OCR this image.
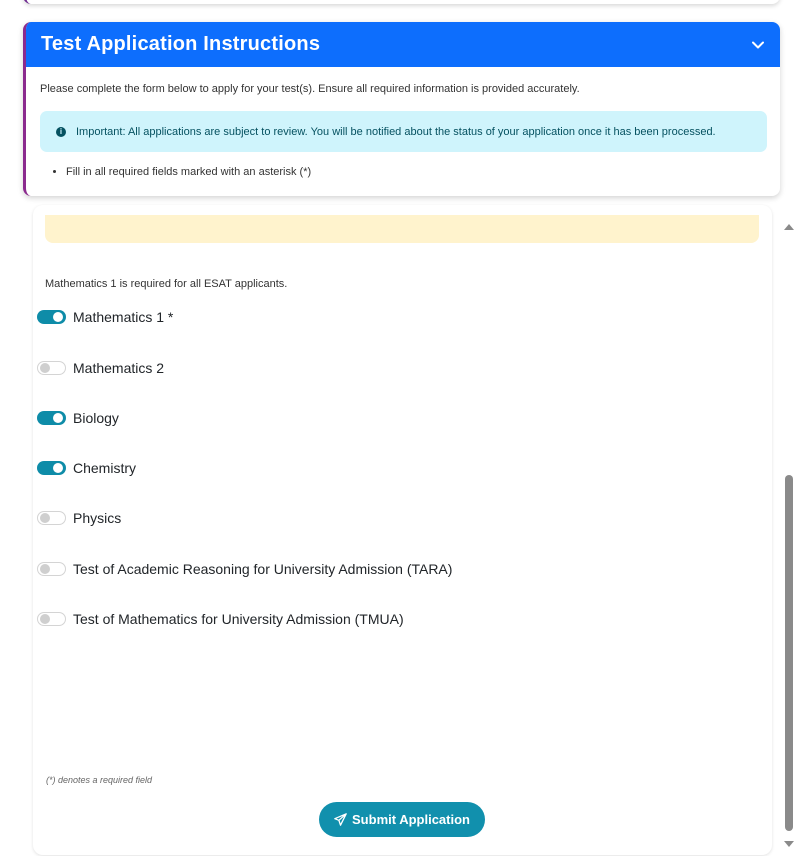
Test Application Instructions

Please complete the form below to apply for your test(s). Ensure all required information is provided accurately.

i	Important: All applications are subject to review. You will be notified about the status of your application once it has been processed.
• Fill in all required fields marked with an asterisk (*)
Mathematics 1 is required for all ESAT applicants.
Mathematics 1 *
Mathematics 2
Biology
Chemistry
Physics
Test of Academic Reasoning for University Admission (TARA)
Test of Mathematics for University Admission (TMUA)
(*) denotes a required field
Submit Application
